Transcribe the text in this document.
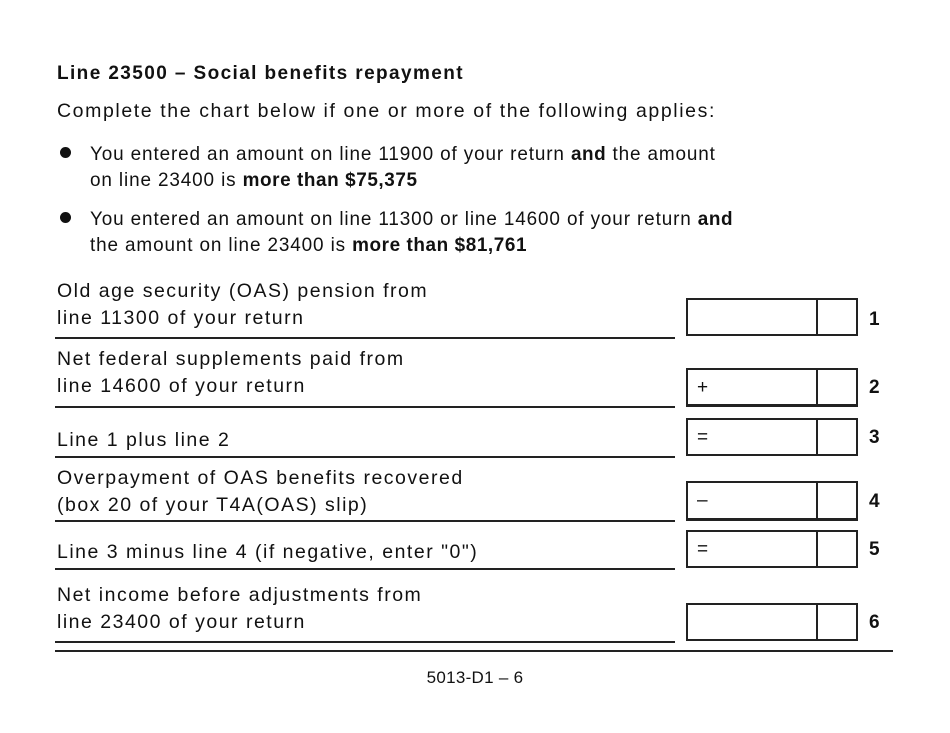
Line 23500 – Social benefits repayment
Complete the chart below if one or more of the following applies:
You entered an amount on line 11900 of your return and the amount
on line 23400 is more than $75,375
You entered an amount on line 11300 or line 14600 of your return and
the amount on line 23400 is more than $81,761
Old age security (OAS) pension from
line 11300 of your return	1
Net federal supplements paid from
line 14600 of your return	+	2
Line 1 plus line 2	=	3
Overpayment of OAS benefits recovered
(box 20 of your T4A(OAS) slip)	–	4
Line 3 minus line 4 (if negative, enter "0")	=	5
Net income before adjustments from
line 23400 of your return	6
5013-D1 – 6
